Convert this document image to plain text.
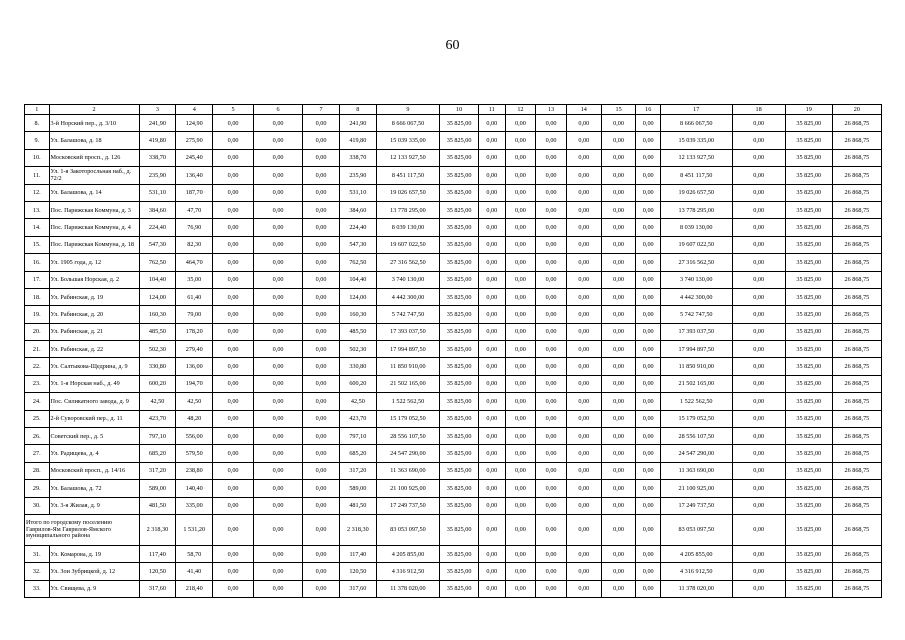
60
1	2	3	4	5	6	7	8	9	10	11	12	13	14	15	16	17	18	19	20
8.	3-й Норский пер., д. 3/10	241,90	124,90	0,00	0,00	0,00	241,90	8 666 067,50	35 825,00	0,00	0,00	0,00	0,00	0,00	0,00	8 666 067,50	0,00	35 825,00	26 868,75
9.	Ул. Балашова, д. 18	419,80	275,90	0,00	0,00	0,00	419,80	15 039 335,00	35 825,00	0,00	0,00	0,00	0,00	0,00	0,00	15 039 335,00	0,00	35 825,00	26 868,75
10.	Московский просп., д. 126	338,70	245,40	0,00	0,00	0,00	338,70	12 133 927,50	35 825,00	0,00	0,00	0,00	0,00	0,00	0,00	12 133 927,50	0,00	35 825,00	26 868,75
11.	Ул. 1-я Закоторосльная наб., д. 72/2	235,90	136,40	0,00	0,00	0,00	235,90	8 451 117,50	35 825,00	0,00	0,00	0,00	0,00	0,00	0,00	8 451 117,50	0,00	35 825,00	26 868,75
12.	Ул. Балашова, д. 14	531,10	187,70	0,00	0,00	0,00	531,10	19 026 657,50	35 825,00	0,00	0,00	0,00	0,00	0,00	0,00	19 026 657,50	0,00	35 825,00	26 868,75
13.	Пос. Парижская Коммуна, д. 3	384,60	47,70	0,00	0,00	0,00	384,60	13 778 295,00	35 825,00	0,00	0,00	0,00	0,00	0,00	0,00	13 778 295,00	0,00	35 825,00	26 868,75
14.	Пос. Парижская Коммуна, д. 4	224,40	76,90	0,00	0,00	0,00	224,40	8 039 130,00	35 825,00	0,00	0,00	0,00	0,00	0,00	0,00	8 039 130,00	0,00	35 825,00	26 868,75
15.	Пос. Парижская Коммуна, д. 18	547,30	82,30	0,00	0,00	0,00	547,30	19 607 022,50	35 825,00	0,00	0,00	0,00	0,00	0,00	0,00	19 607 022,50	0,00	35 825,00	26 868,75
16.	Ул. 1905 года, д. 12	762,50	464,70	0,00	0,00	0,00	762,50	27 316 562,50	35 825,00	0,00	0,00	0,00	0,00	0,00	0,00	27 316 562,50	0,00	35 825,00	26 868,75
17.	Ул. Большая Норская, д. 2	104,40	35,00	0,00	0,00	0,00	104,40	3 740 130,00	35 825,00	0,00	0,00	0,00	0,00	0,00	0,00	3 740 130,00	0,00	35 825,00	26 868,75
18.	Ул. Рабинская, д. 19	124,00	61,40	0,00	0,00	0,00	124,00	4 442 300,00	35 825,00	0,00	0,00	0,00	0,00	0,00	0,00	4 442 300,00	0,00	35 825,00	26 868,75
19.	Ул. Рабинская, д. 20	160,30	79,00	0,00	0,00	0,00	160,30	5 742 747,50	35 825,00	0,00	0,00	0,00	0,00	0,00	0,00	5 742 747,50	0,00	35 825,00	26 868,75
20.	Ул. Рабинская, д. 21	485,50	178,20	0,00	0,00	0,00	485,50	17 393 037,50	35 825,00	0,00	0,00	0,00	0,00	0,00	0,00	17 393 037,50	0,00	35 825,00	26 868,75
21.	Ул. Рабинская, д. 22	502,30	279,40	0,00	0,00	0,00	502,30	17 994 897,50	35 825,00	0,00	0,00	0,00	0,00	0,00	0,00	17 994 897,50	0,00	35 825,00	26 868,75
22.	Ул. Салтыкова-Щедрина, д. 9	330,80	136,00	0,00	0,00	0,00	330,80	11 850 910,00	35 825,00	0,00	0,00	0,00	0,00	0,00	0,00	11 850 910,00	0,00	35 825,00	26 868,75
23.	Ул. 1-я Норская наб., д. 49	600,20	194,70	0,00	0,00	0,00	600,20	21 502 165,00	35 825,00	0,00	0,00	0,00	0,00	0,00	0,00	21 502 165,00	0,00	35 825,00	26 868,75
24.	Пос. Силикатного завода, д. 9	42,50	42,50	0,00	0,00	0,00	42,50	1 522 562,50	35 825,00	0,00	0,00	0,00	0,00	0,00	0,00	1 522 562,50	0,00	35 825,00	26 868,75
25.	2-й Суворовский пер., д. 11	423,70	48,20	0,00	0,00	0,00	423,70	15 179 052,50	35 825,00	0,00	0,00	0,00	0,00	0,00	0,00	15 179 052,50	0,00	35 825,00	26 868,75
26.	Советский пер., д. 5	797,10	556,00	0,00	0,00	0,00	797,10	28 556 107,50	35 825,00	0,00	0,00	0,00	0,00	0,00	0,00	28 556 107,50	0,00	35 825,00	26 868,75
27.	Ул. Радищева, д. 4	685,20	579,50	0,00	0,00	0,00	685,20	24 547 290,00	35 825,00	0,00	0,00	0,00	0,00	0,00	0,00	24 547 290,00	0,00	35 825,00	26 868,75
28.	Московский просп., д. 14/16	317,20	238,80	0,00	0,00	0,00	317,20	11 363 690,00	35 825,00	0,00	0,00	0,00	0,00	0,00	0,00	11 363 690,00	0,00	35 825,00	26 868,75
29.	Ул. Балашова, д. 72	589,00	140,40	0,00	0,00	0,00	589,00	21 100 925,00	35 825,00	0,00	0,00	0,00	0,00	0,00	0,00	21 100 925,00	0,00	35 825,00	26 868,75
30.	Ул. 3-я Жилая, д. 9	481,50	335,00	0,00	0,00	0,00	481,50	17 249 737,50	35 825,00	0,00	0,00	0,00	0,00	0,00	0,00	17 249 737,50	0,00	35 825,00	26 868,75
Итого по городскому поселению Гаврилов-Ям Гаврилов-Ямского муниципального района		2 318,30	1 531,20	0,00	0,00	0,00	2 318,30	83 053 097,50	35 825,00	0,00	0,00	0,00	0,00	0,00	0,00	83 053 097,50	0,00	35 825,00	26 868,75
31.	Ул. Комарова, д. 19	117,40	58,70	0,00	0,00	0,00	117,40	4 205 855,00	35 825,00	0,00	0,00	0,00	0,00	0,00	0,00	4 205 855,00	0,00	35 825,00	26 868,75
32.	Ул. Зои Зубрицкой, д. 12	120,50	41,40	0,00	0,00	0,00	120,50	4 316 912,50	35 825,00	0,00	0,00	0,00	0,00	0,00	0,00	4 316 912,50	0,00	35 825,00	26 868,75
33.	Ул. Свищева, д. 9	317,60	218,40	0,00	0,00	0,00	317,60	11 378 020,00	35 825,00	0,00	0,00	0,00	0,00	0,00	0,00	11 378 020,00	0,00	35 825,00	26 868,75
